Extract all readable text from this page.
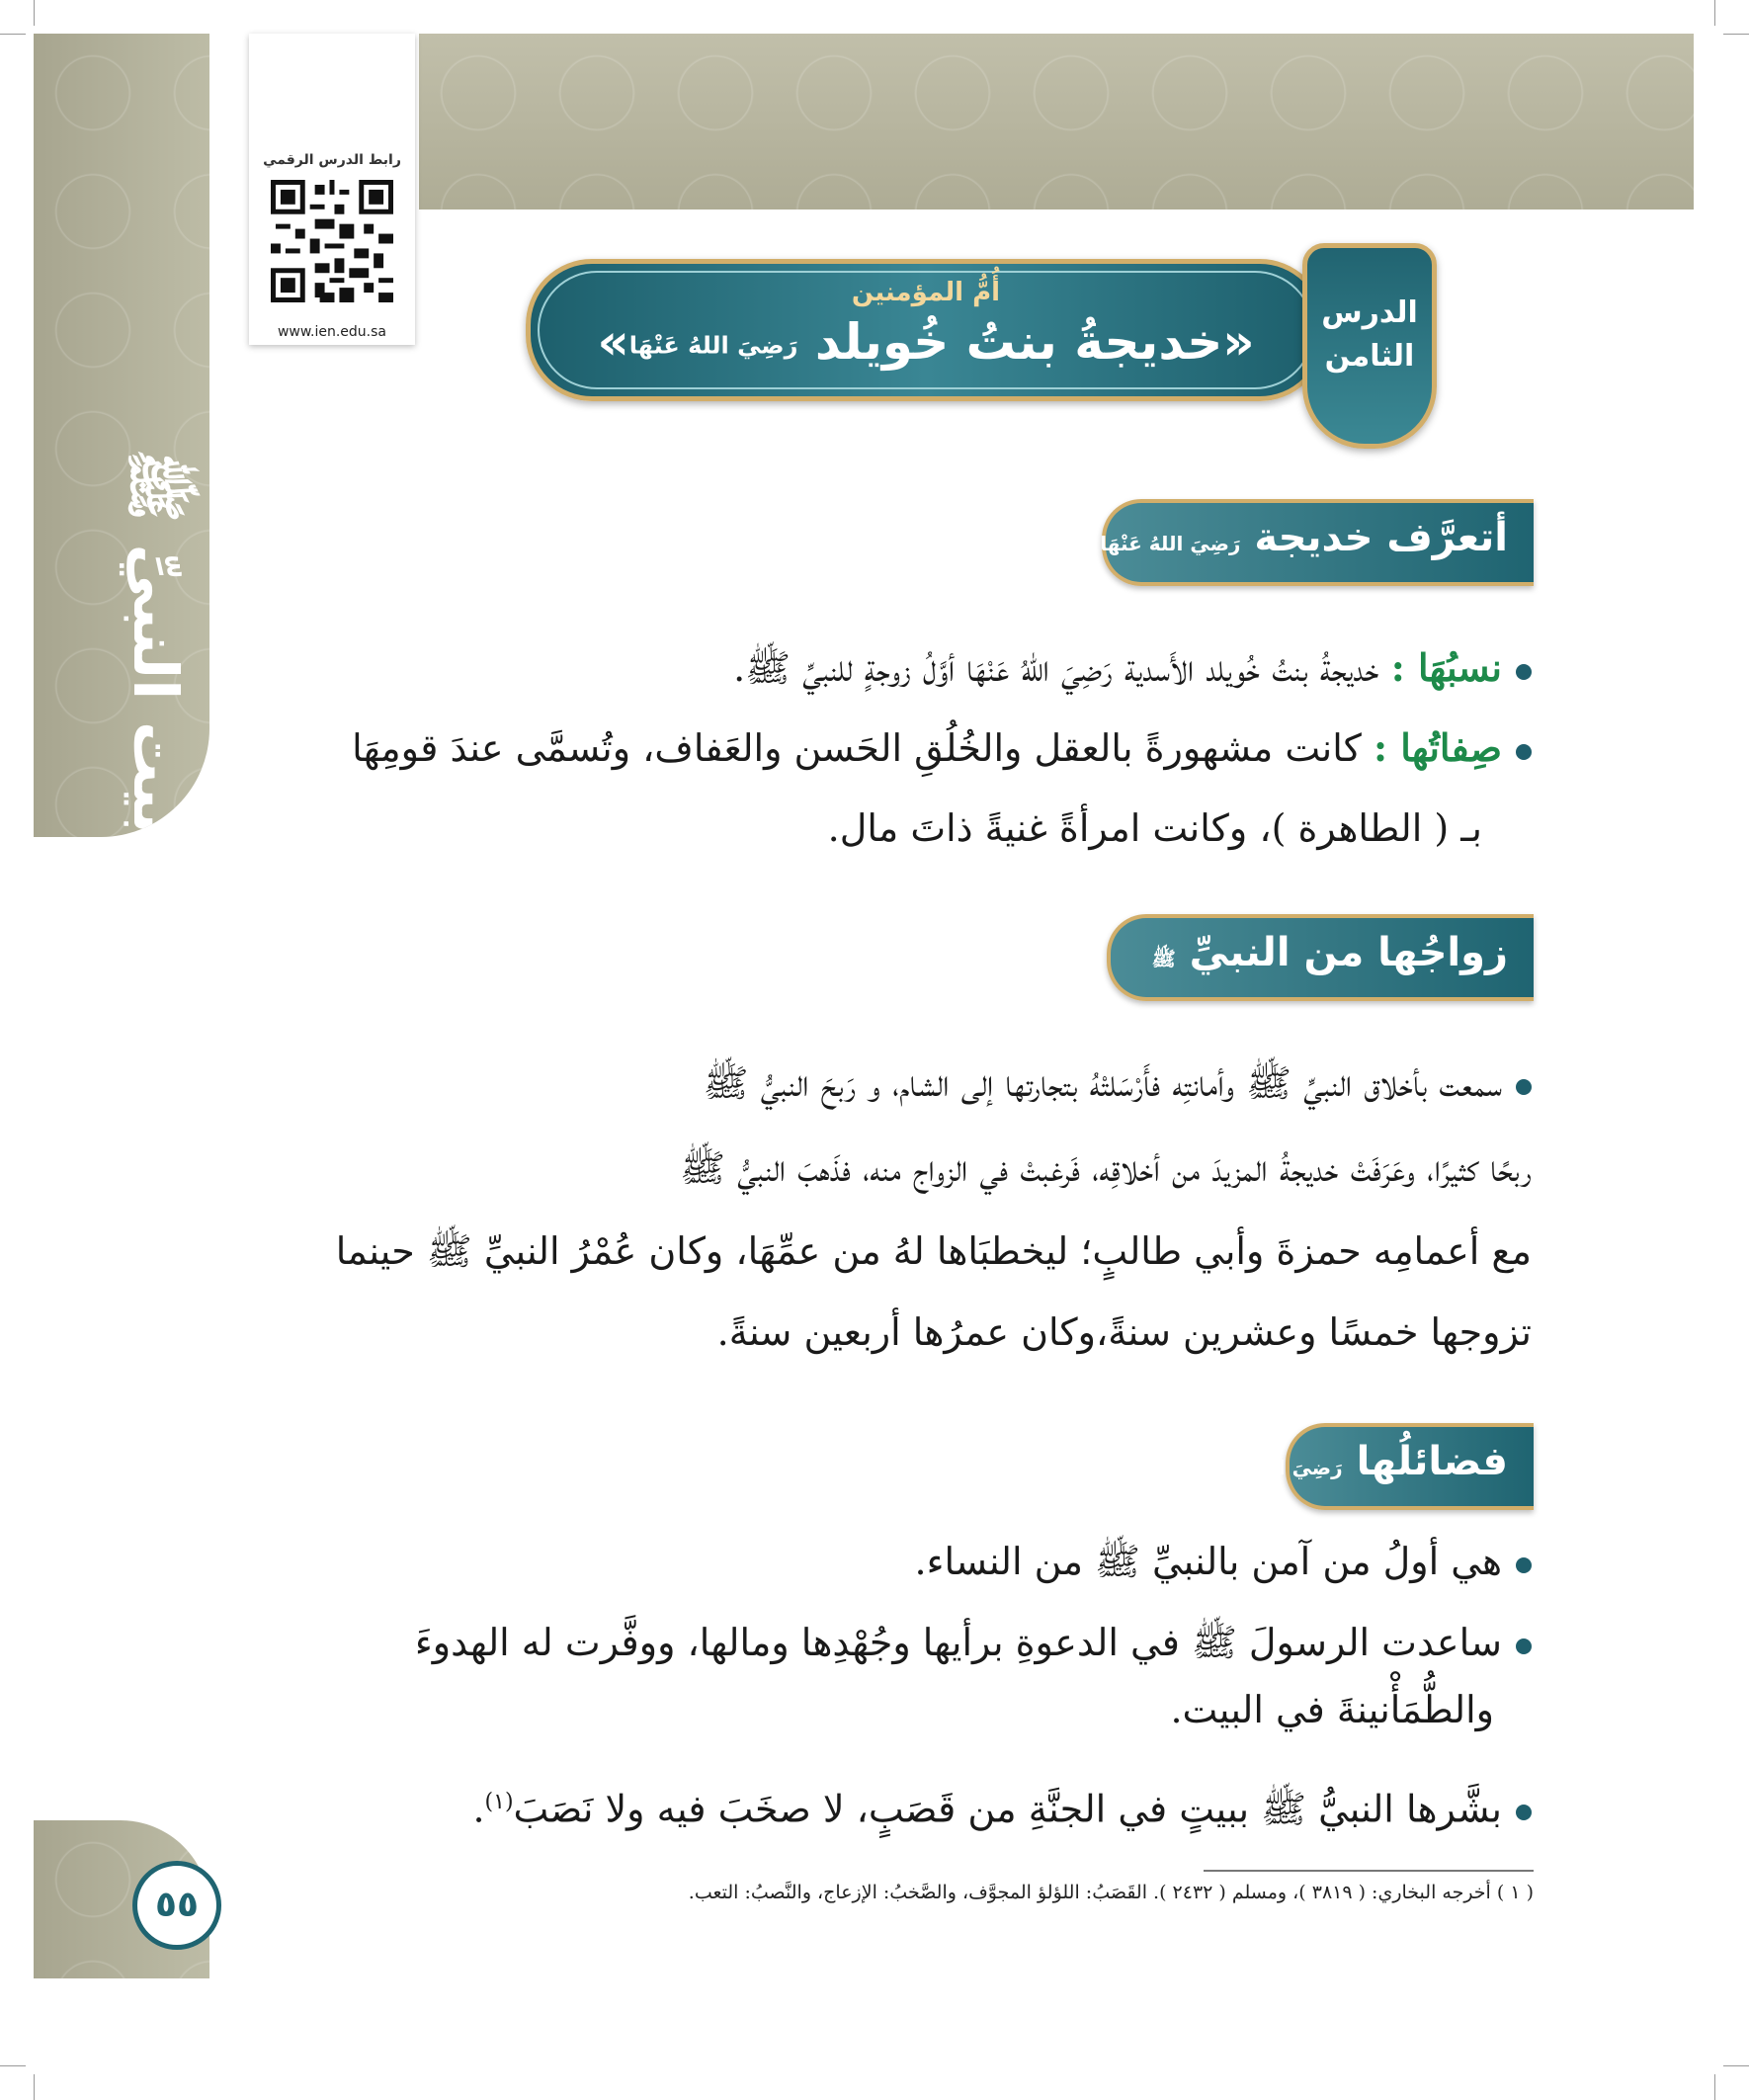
بيت النبيِّ ﷺ
رابط الدرس الرقمي
www.ien.edu.sa
أُمُّ المؤمنين
«خديجةُ بنتُ خُويلد رَضِيَ اللهُ عَنْهَا»
الدرس
الثامن
أتعرَّف خديجة رَضِيَ اللهُ عَنْهَا
نسبُهَا : خديجةُ بنتُ خُويلد الأَسدية رَضِيَ اللهُ عَنْهَا أوَّلُ زوجةٍ للنبيِّ ﷺ.
صِفاتُها : كانت مشهورةً بالعقل والخُلُقِ الحَسن والعَفاف، وتُسمَّى عندَ قومِهَا
بـ ( الطاهرة )، وكانت امرأةً غنيةً ذاتَ مال.
زواجُها من النبيِّ ﷺ
سمعت بأخلاق النبيِّ ﷺ وأمانتِه فأَرْسَلتْهُ بتجارتها إلى الشام، و رَبحَ النبيُّ ﷺ
ربحًا كثيرًا، وعَرَفَتْ خديجةُ المزيدَ من أخلاقِه، فَرغبتْ في الزواج منه، فذَهبَ النبيُّ ﷺ
مع أعمامِه حمزةَ وأبي طالبٍ؛ ليخطبَاها لهُ من عمِّهَا، وكان عُمْرُ النبيِّ ﷺ حينما
تزوجها خمسًا وعشرين سنةً،وكان عمرُها أربعين سنةً.
فضائلُها رَضِيَ اللهُ عَنْهَا
هي أولُ من آمن بالنبيِّ ﷺ من النساء.
ساعدت الرسولَ ﷺ في الدعوةِ برأيها وجُهْدِها ومالها، ووفَّرت له الهدوءَ
والطُّمَأْنينةَ في البيت.
بشَّرها النبيُّ ﷺ ببيتٍ في الجنَّةِ من قَصَبٍ، لا صخَبَ فيه ولا نَصَبَ$^{(١)}$.
٥٥	( ١ ) أخرجه البخاري: ( ٣٨١٩ )، ومسلم ( ٢٤٣٢ ). القَصَبُ: اللؤلؤ المجوَّف، والصَّخبُ: الإزعاج، والنَّصبُ: التعب.
